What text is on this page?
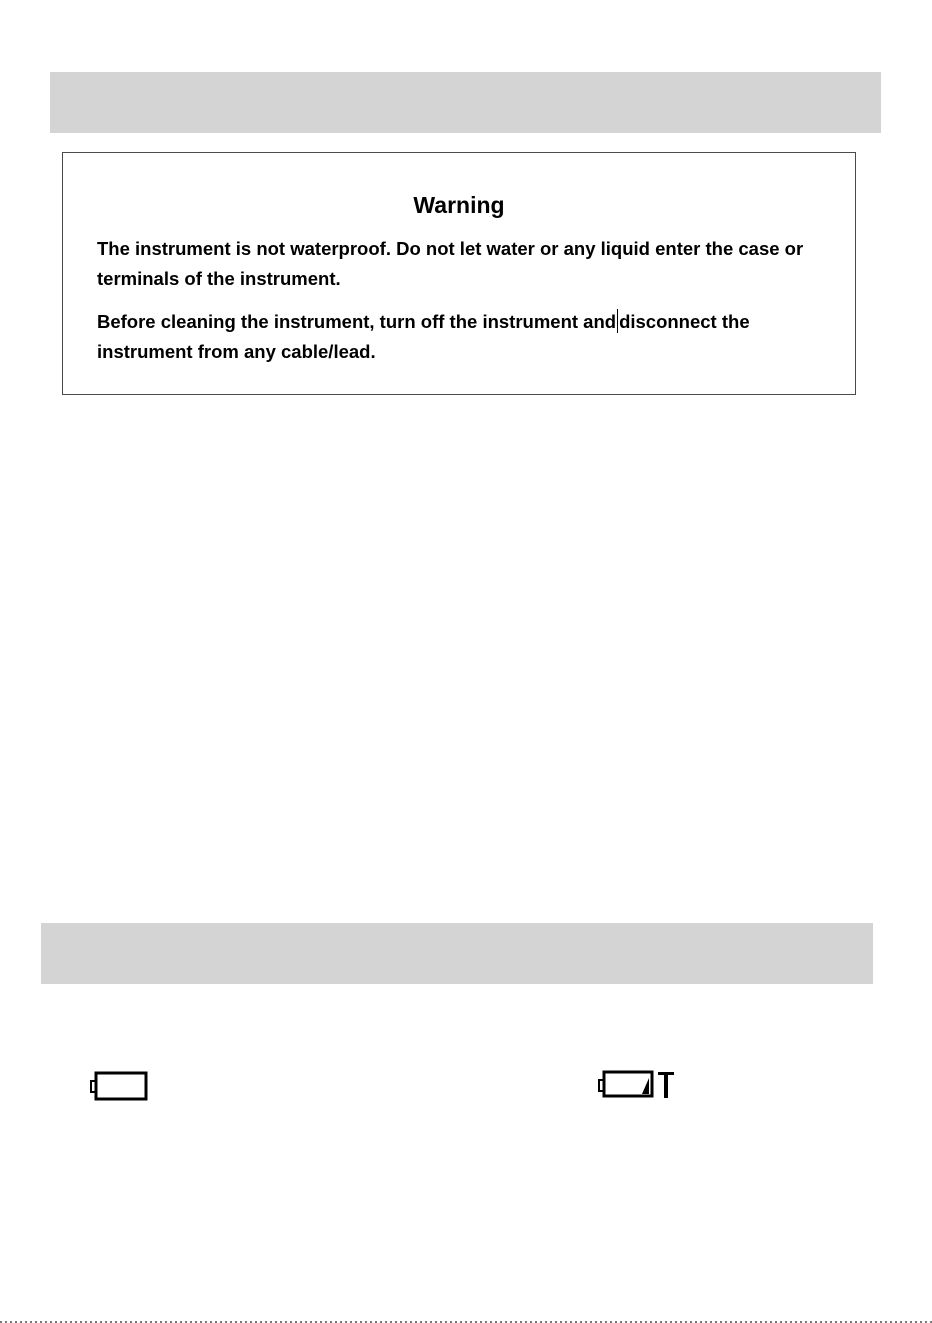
Warning

The instrument is not waterproof. Do not let water or any liquid enter the case or terminals of the instrument.

Before cleaning the instrument, turn off the instrument and disconnect the instrument from any cable/lead.
